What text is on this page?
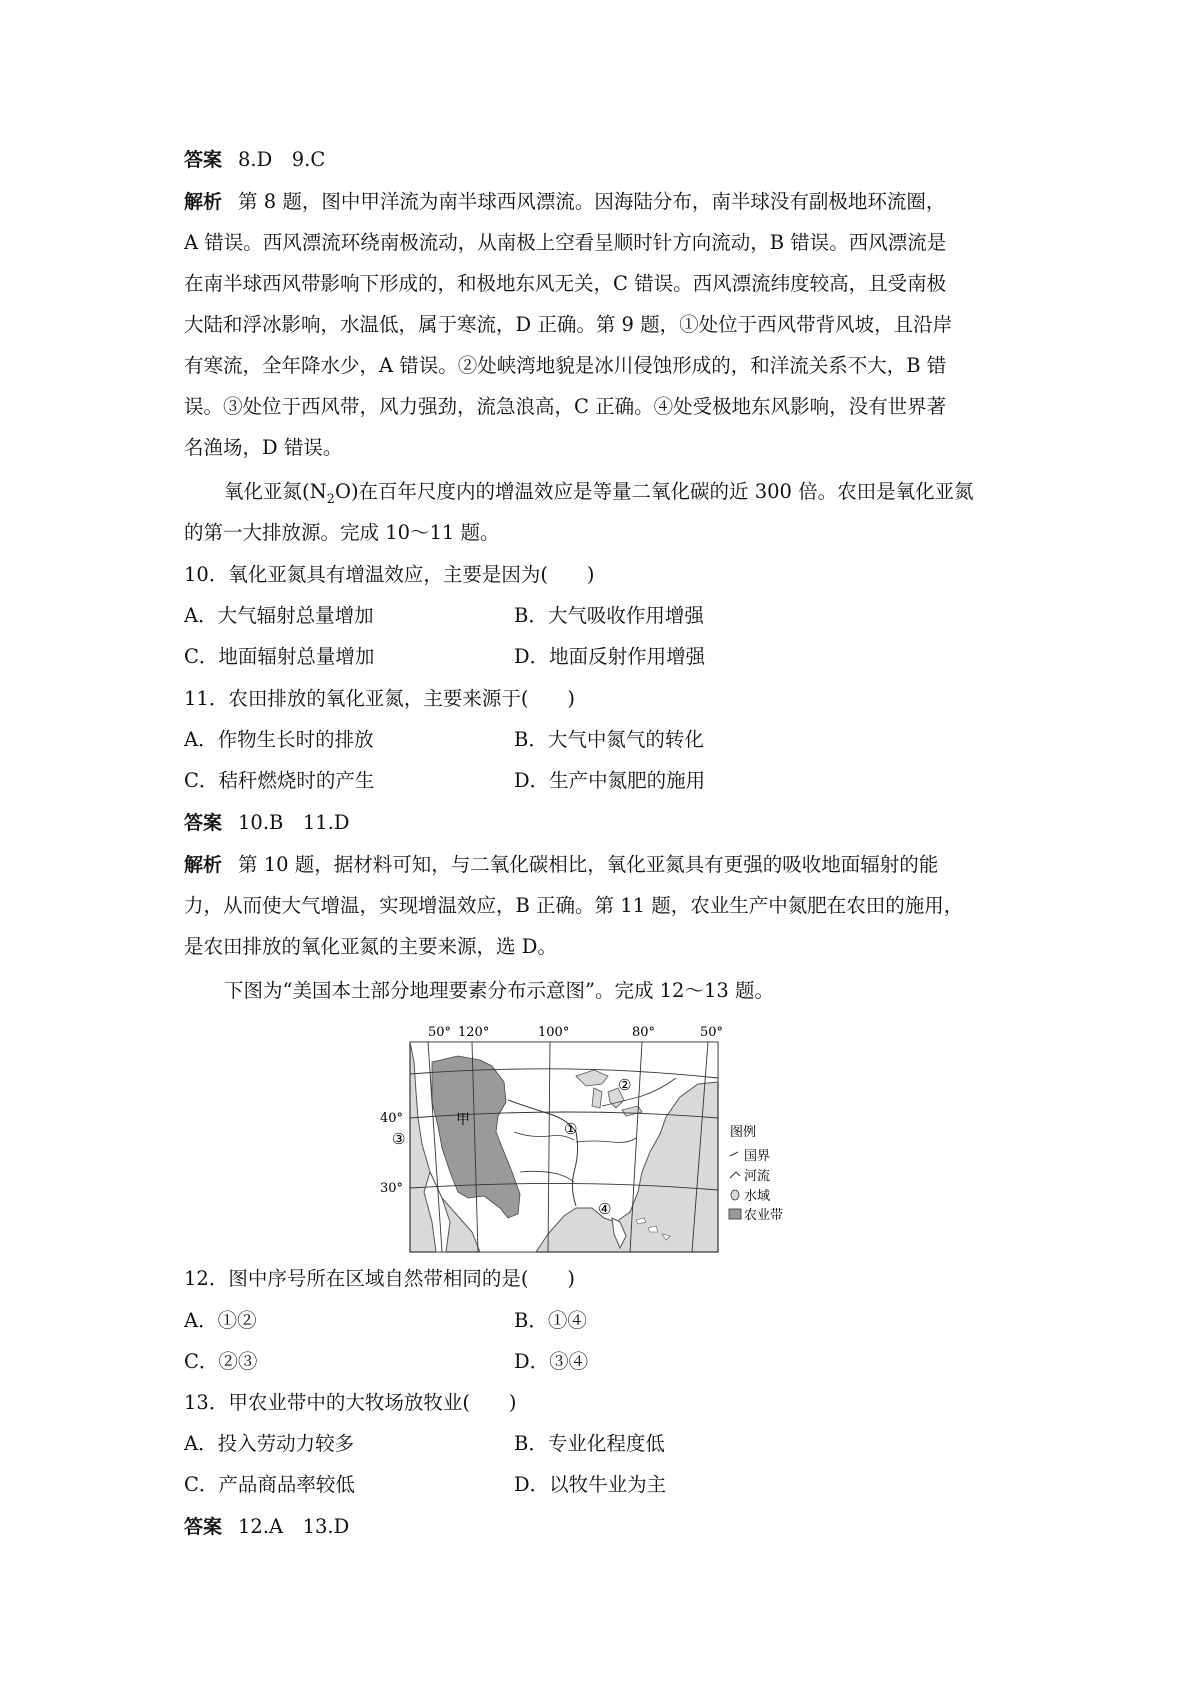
答案 8.D　9.C
解析 第 8 题，图中甲洋流为南半球西风漂流。因海陆分布，南半球没有副极地环流圈，
A 错误。西风漂流环绕南极流动，从南极上空看呈顺时针方向流动，B 错误。西风漂流是
在南半球西风带影响下形成的，和极地东风无关，C 错误。西风漂流纬度较高，且受南极
大陆和浮冰影响，水温低，属于寒流，D 正确。第 9 题，①处位于西风带背风坡，且沿岸
有寒流，全年降水少，A 错误。②处峡湾地貌是冰川侵蚀形成的，和洋流关系不大，B 错
误。③处位于西风带，风力强劲，流急浪高，C 正确。④处受极地东风影响，没有世界著
名渔场，D 错误。
氧化亚氮$(N_2O)$在百年尺度内的增温效应是等量二氧化碳的近 300 倍。农田是氧化亚氮
的第一大排放源。完成 10～11 题。
10．氧化亚氮具有增温效应，主要是因为(　　)
A．大气辐射总量增加	B．大气吸收作用增强
C．地面辐射总量增加	D．地面反射作用增强
11．农田排放的氧化亚氮，主要来源于(　　)
A．作物生长时的排放	B．大气中氮气的转化
C．秸秆燃烧时的产生	D．生产中氮肥的施用
答案 10.B　11.D
解析 第 10 题，据材料可知，与二氧化碳相比，氧化亚氮具有更强的吸收地面辐射的能
力，从而使大气增温，实现增温效应，B 正确。第 11 题，农业生产中氮肥在农田的施用，
是农田排放的氧化亚氮的主要来源，选 D。
下图为“美国本土部分地理要素分布示意图”。完成 12～13 题。
50° 120°	100°	80°	50°
40°
30°
甲	①
②
③
④
图例
国界
河流
水域
农业带
12．图中序号所在区域自然带相同的是(　　)
A．①②	B．①④
C．②③	D．③④
13．甲农业带中的大牧场放牧业(　　)
A．投入劳动力较多	B．专业化程度低
C．产品商品率较低	D．以牧牛业为主
答案 12.A　13.D
